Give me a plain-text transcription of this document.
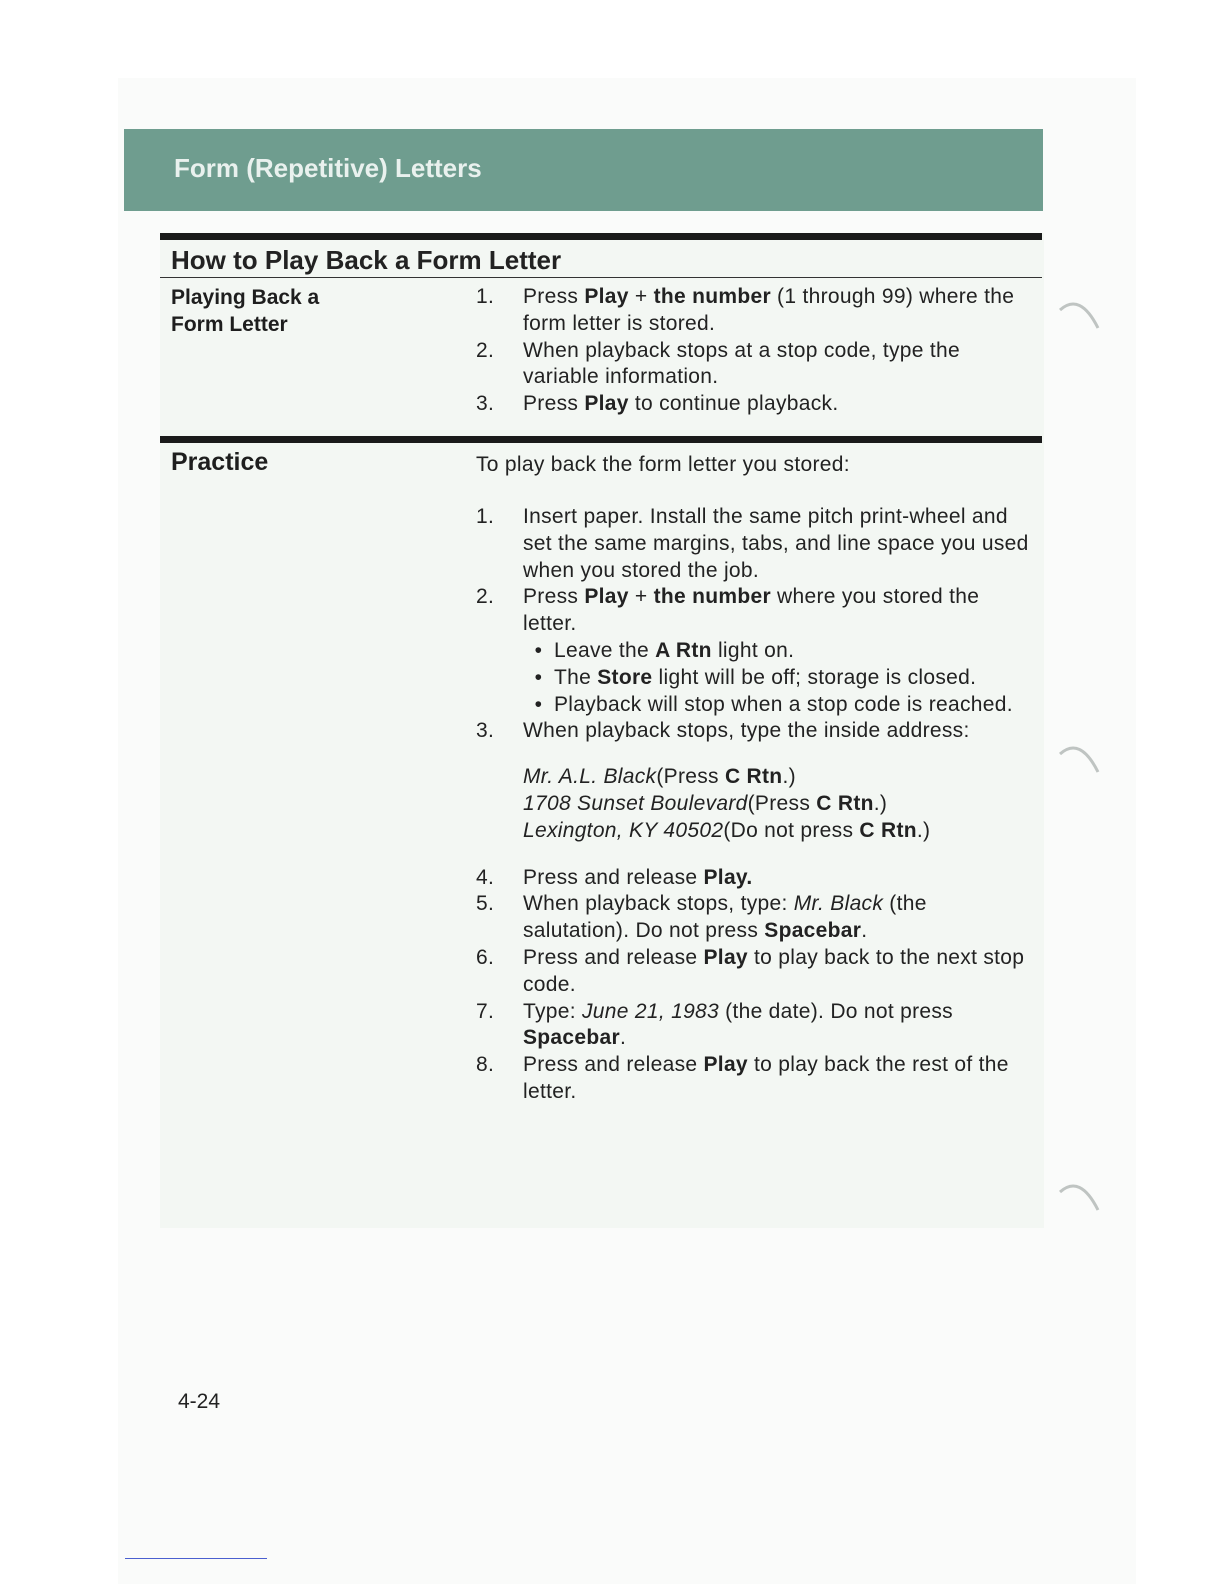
Form (Repetitive) Letters
How to Play Back a Form Letter
Playing Back a
Form Letter
1.	Press Play + the number (1 through 99) where the form letter is stored.
2.	When playback stops at a stop code, type the variable information.
3.	Press Play to continue playback.
Practice	To play back the form letter you stored:
1.	Insert paper. Install the same pitch print-wheel and set the same margins, tabs, and line space you used when you stored the job.
2.	Press Play + the number where you stored the letter.
• Leave the A Rtn light on.
• The Store light will be off; storage is closed.
• Playback will stop when a stop code is reached.
3.	When playback stops, type the inside address:
Mr. A.L. Black(Press C Rtn.)
1708 Sunset Boulevard(Press C Rtn.)
Lexington, KY 40502(Do not press C Rtn.)
4.	Press and release Play.
5.	When playback stops, type: Mr. Black (the salutation). Do not press Spacebar.
6.	Press and release Play to play back to the next stop code.
7.	Type: June 21, 1983 (the date). Do not press Spacebar.
8.	Press and release Play to play back the rest of the letter.
4-24
